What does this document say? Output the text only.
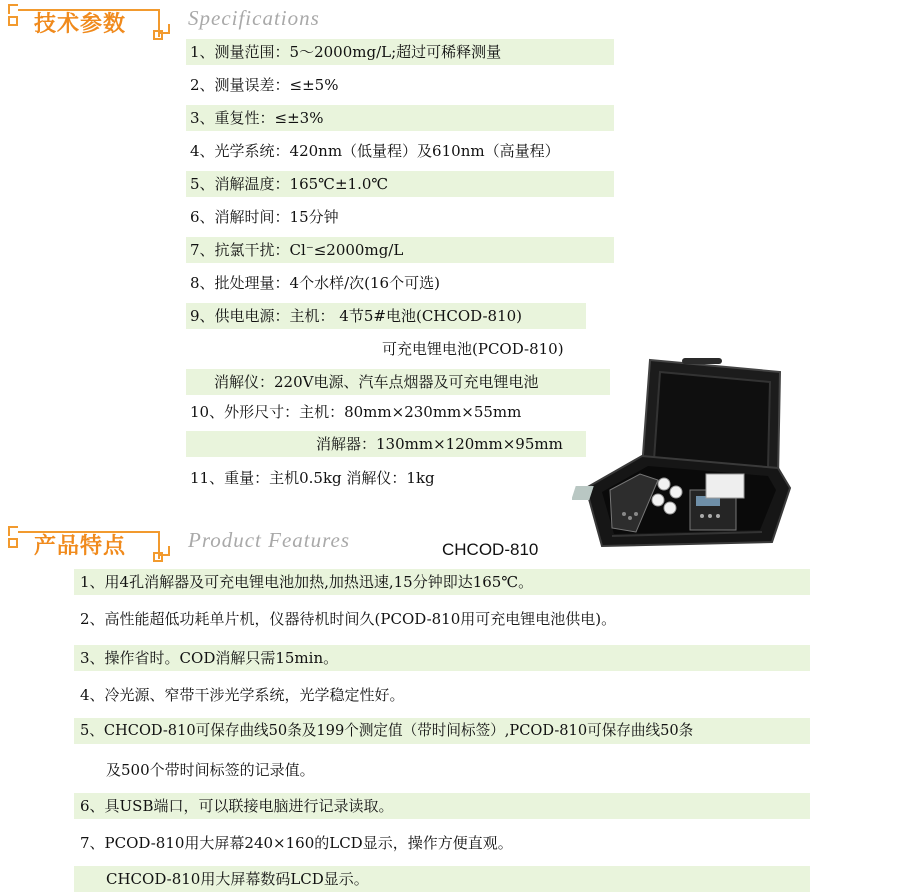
技术参数	Specifications
1、测量范围：5～2000mg/L;超过可稀释测量
2、测量误差：≤±5%
3、重复性：≤±3%
4、光学系统：420nm（低量程）及610nm（高量程）
5、消解温度：165℃±1.0℃
6、消解时间：15分钟
7、抗氯干扰：Cl⁻≤2000mg/L
8、批处理量：4个水样/次(16个可选)
9、供电电源：主机： 4节5#电池(CHCOD-810)
可充电锂电池(PCOD-810)
消解仪：220V电源、汽车点烟器及可充电锂电池
10、外形尺寸：主机：80mm×230mm×55mm
消解器：130mm×120mm×95mm
11、重量：主机0.5kg 消解仪：1kg
产品特点	Product Features	CHCOD-810
1、用4孔消解器及可充电锂电池加热,加热迅速,15分钟即达165℃。
2、高性能超低功耗单片机，仪器待机时间久(PCOD-810用可充电锂电池供电)。
3、操作省时。COD消解只需15min。
4、冷光源、窄带干涉光学系统，光学稳定性好。
5、CHCOD-810可保存曲线50条及199个测定值（带时间标签）,PCOD-810可保存曲线50条
及500个带时间标签的记录值。
6、具USB端口，可以联接电脑进行记录读取。
7、PCOD-810用大屏幕240×160的LCD显示，操作方便直观。
CHCOD-810用大屏幕数码LCD显示。
